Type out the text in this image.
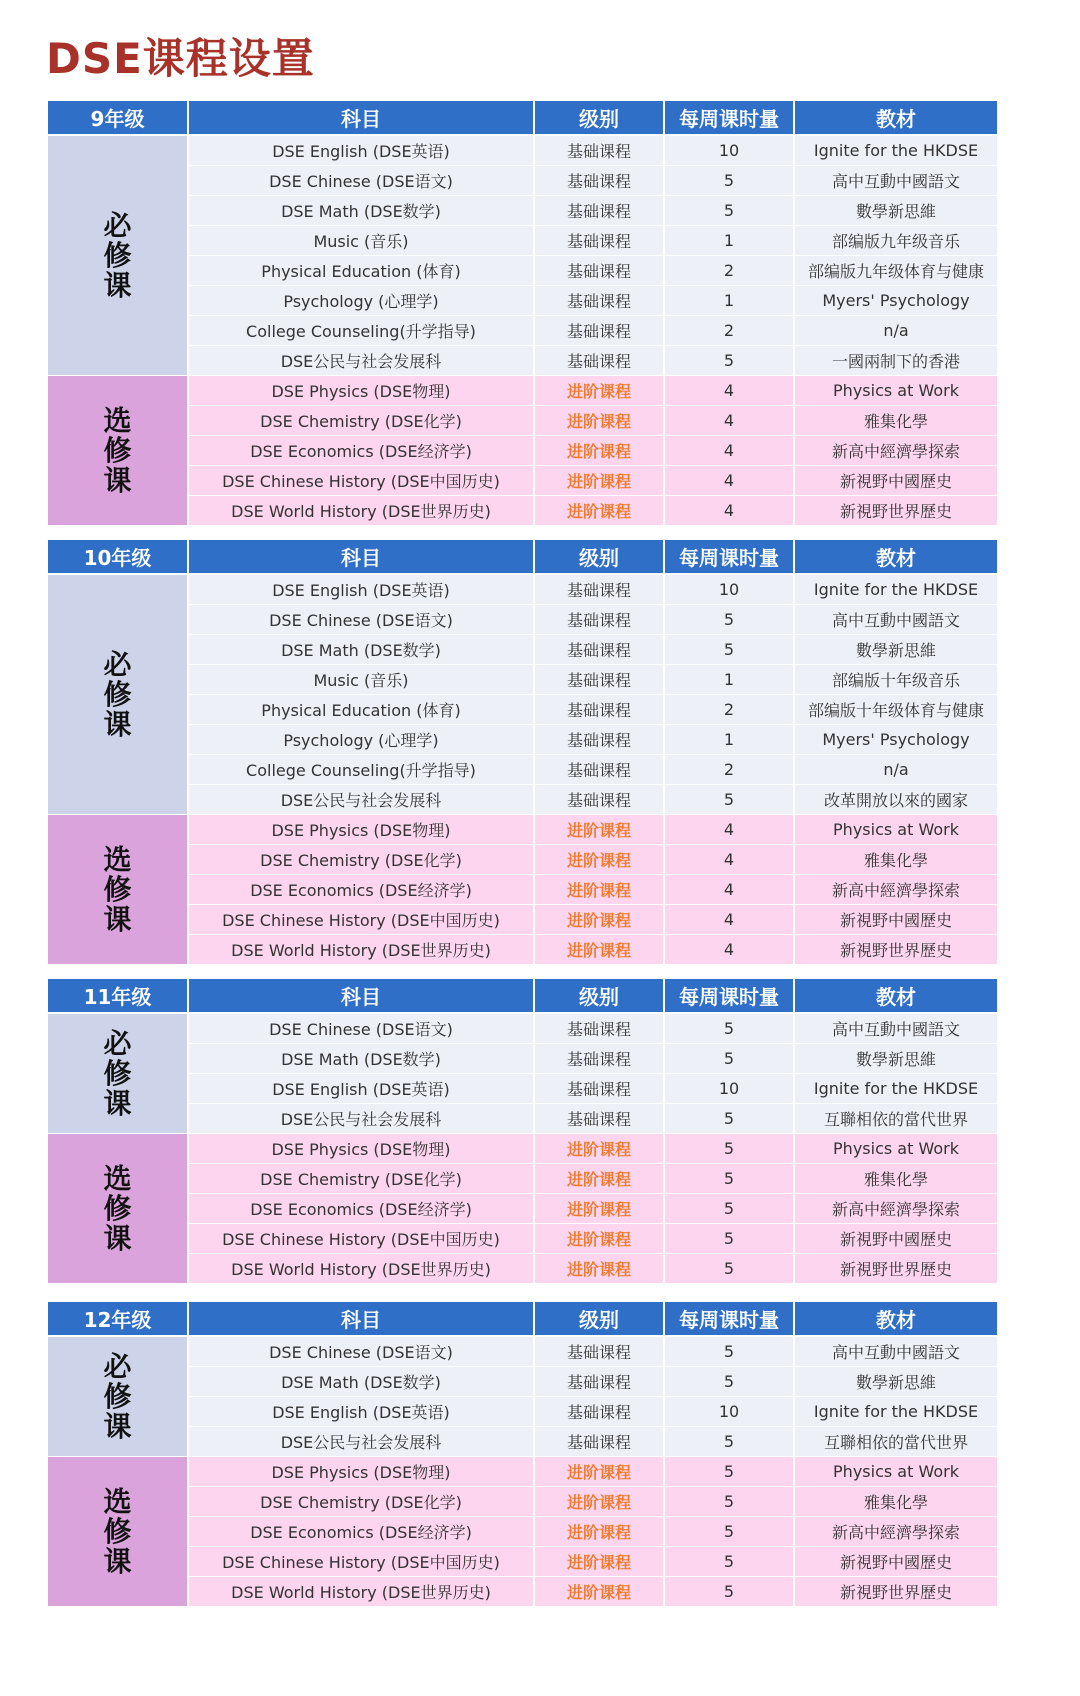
DSE课程设置
9年级	科目	级别	每周课时量	教材

必
修
课	DSE English (DSE英语)	基础课程	10	Ignite for the HKDSE
	DSE Chinese (DSE语文)	基础课程	5	高中互動中國語文
	DSE Math (DSE数学)	基础课程	5	數學新思維
	Music (音乐)	基础课程	1	部编版九年级音乐
	Physical Education (体育)	基础课程	2	部编版九年级体育与健康
	Psychology (心理学)	基础课程	1	Myers' Psychology
	College Counseling(升学指导)	基础课程	2	n/a
	DSE公民与社会发展科	基础课程	5	一國兩制下的香港

选
修
课	DSE Physics (DSE物理)	进阶课程	4	Physics at Work
	DSE Chemistry (DSE化学)	进阶课程	4	雅集化學
	DSE Economics (DSE经济学)	进阶课程	4	新高中經濟學探索
	DSE Chinese History (DSE中国历史)	进阶课程	4	新視野中國歷史
	DSE World History (DSE世界历史)	进阶课程	4	新視野世界歷史
10年级	科目	级别	每周课时量	教材

必
修
课	DSE English (DSE英语)	基础课程	10	Ignite for the HKDSE
	DSE Chinese (DSE语文)	基础课程	5	高中互動中國語文
	DSE Math (DSE数学)	基础课程	5	數學新思維
	Music (音乐)	基础课程	1	部编版十年级音乐
	Physical Education (体育)	基础课程	2	部编版十年级体育与健康
	Psychology (心理学)	基础课程	1	Myers' Psychology
	College Counseling(升学指导)	基础课程	2	n/a
	DSE公民与社会发展科	基础课程	5	改革開放以來的國家

选
修
课	DSE Physics (DSE物理)	进阶课程	4	Physics at Work
	DSE Chemistry (DSE化学)	进阶课程	4	雅集化學
	DSE Economics (DSE经济学)	进阶课程	4	新高中經濟學探索
	DSE Chinese History (DSE中国历史)	进阶课程	4	新視野中國歷史
	DSE World History (DSE世界历史)	进阶课程	4	新視野世界歷史
11年级	科目	级别	每周课时量	教材

必
修
课	DSE Chinese (DSE语文)	基础课程	5	高中互動中國語文
	DSE Math (DSE数学)	基础课程	5	數學新思維
	DSE English (DSE英语)	基础课程	10	Ignite for the HKDSE
	DSE公民与社会发展科	基础课程	5	互聯相依的當代世界

选
修
课	DSE Physics (DSE物理)	进阶课程	5	Physics at Work
	DSE Chemistry (DSE化学)	进阶课程	5	雅集化學
	DSE Economics (DSE经济学)	进阶课程	5	新高中經濟學探索
	DSE Chinese History (DSE中国历史)	进阶课程	5	新視野中國歷史
	DSE World History (DSE世界历史)	进阶课程	5	新視野世界歷史
12年级	科目	级别	每周课时量	教材

必
修
课	DSE Chinese (DSE语文)	基础课程	5	高中互動中國語文
	DSE Math (DSE数学)	基础课程	5	數學新思維
	DSE English (DSE英语)	基础课程	10	Ignite for the HKDSE
	DSE公民与社会发展科	基础课程	5	互聯相依的當代世界

选
修
课	DSE Physics (DSE物理)	进阶课程	5	Physics at Work
	DSE Chemistry (DSE化学)	进阶课程	5	雅集化學
	DSE Economics (DSE经济学)	进阶课程	5	新高中經濟學探索
	DSE Chinese History (DSE中国历史)	进阶课程	5	新視野中國歷史
	DSE World History (DSE世界历史)	进阶课程	5	新視野世界歷史
